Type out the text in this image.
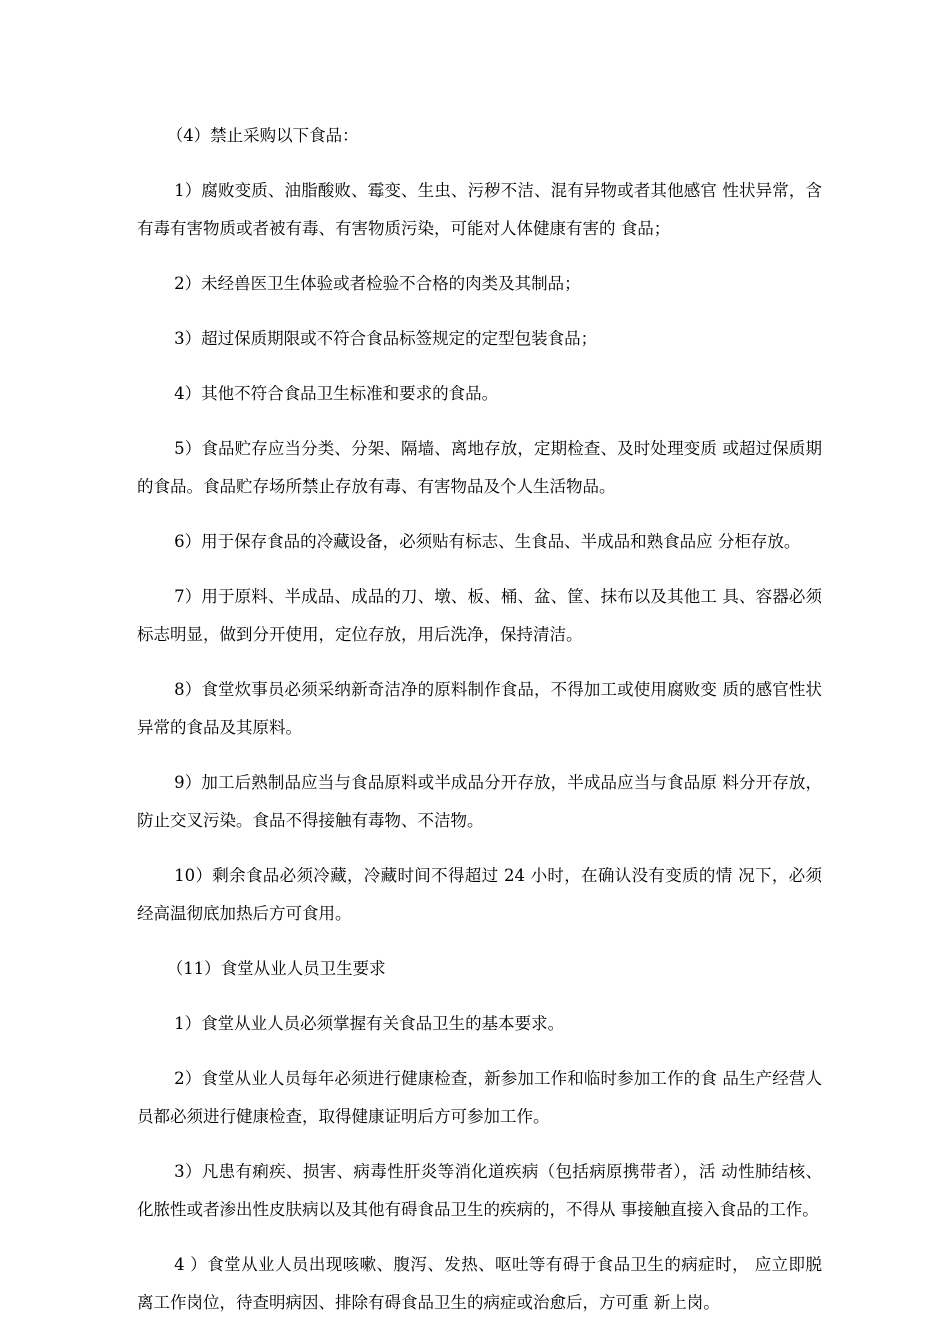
（4）禁止采购以下食品：

1）腐败变质、油脂酸败、霉变、生虫、污秽不洁、混有异物或者其他感官 性状异常，含有毒有害物质或者被有毒、有害物质污染，可能对人体健康有害的 食品；

2）未经兽医卫生体验或者检验不合格的肉类及其制品；

3）超过保质期限或不符合食品标签规定的定型包装食品；

4）其他不符合食品卫生标准和要求的食品。

5）食品贮存应当分类、分架、隔墙、离地存放，定期检查、及时处理变质 或超过保质期的食品。食品贮存场所禁止存放有毒、有害物品及个人生活物品。

6）用于保存食品的冷藏设备，必须贴有标志、生食品、半成品和熟食品应 分柜存放。

7）用于原料、半成品、成品的刀、墩、板、桶、盆、筐、抹布以及其他工 具、容器必须标志明显，做到分开使用，定位存放，用后洗净，保持清洁。

8）食堂炊事员必须采纳新奇洁净的原料制作食品，不得加工或使用腐败变 质的感官性状异常的食品及其原料。

9）加工后熟制品应当与食品原料或半成品分开存放，半成品应当与食品原 料分开存放，防止交叉污染。食品不得接触有毒物、不洁物。

10）剩余食品必须冷藏，冷藏时间不得超过 24 小时，在确认没有变质的情 况下，必须经高温彻底加热后方可食用。

（11）食堂从业人员卫生要求

1）食堂从业人员必须掌握有关食品卫生的基本要求。

2）食堂从业人员每年必须进行健康检查，新参加工作和临时参加工作的食 品生产经营人员都必须进行健康检查，取得健康证明后方可参加工作。

3）凡患有痢疾、损害、病毒性肝炎等消化道疾病（包括病原携带者），活 动性肺结核、化脓性或者渗出性皮肤病以及其他有碍食品卫生的疾病的，不得从 事接触直接入食品的工作。

4 ）食堂从业人员出现咳嗽、腹泻、发热、呕吐等有碍于食品卫生的病症时， 应立即脱离工作岗位，待查明病因、排除有碍食品卫生的病症或治愈后，方可重 新上岗。
